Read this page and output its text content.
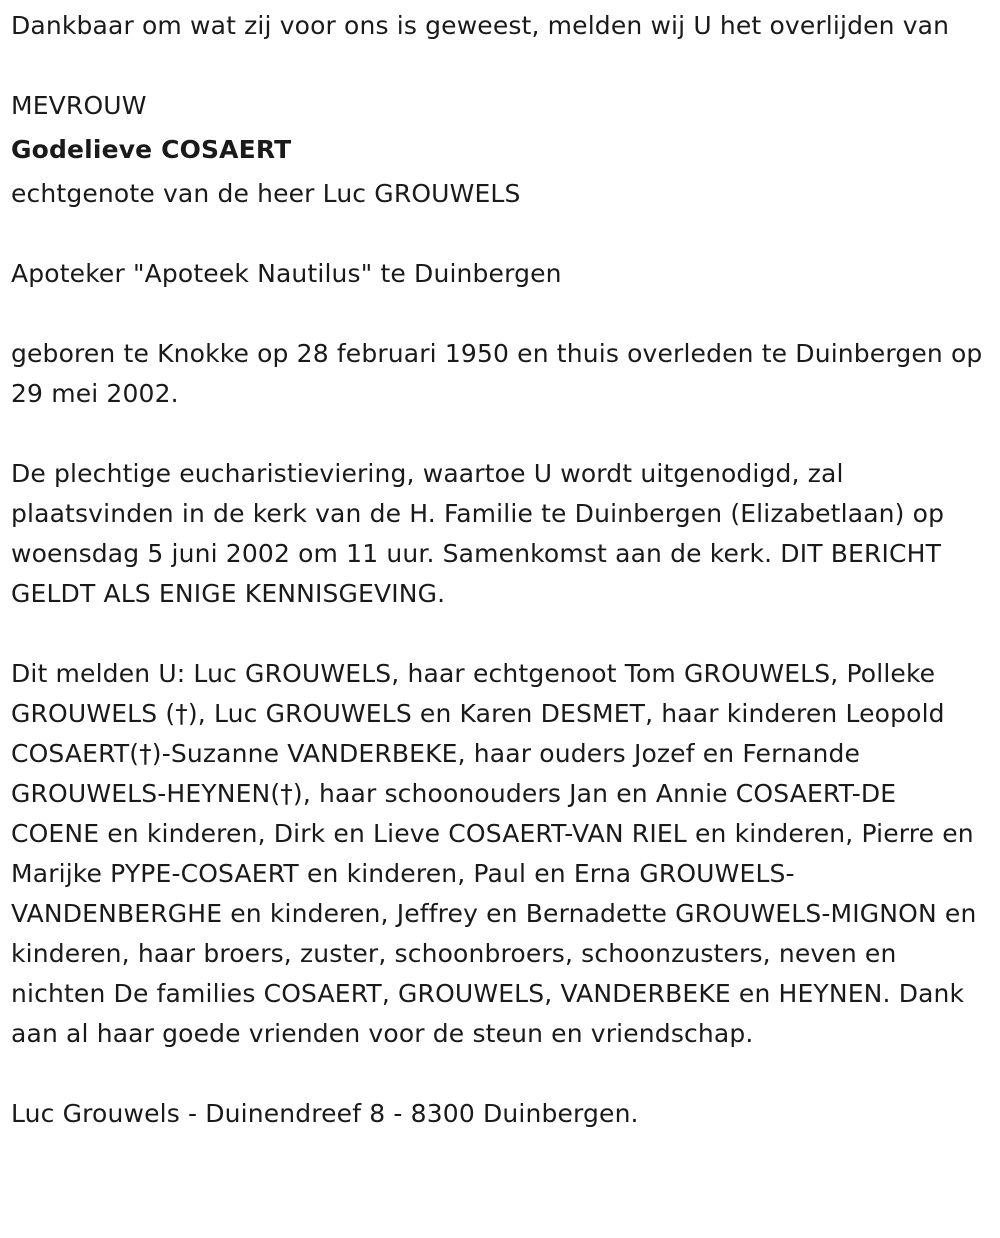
Dankbaar om wat zij voor ons is geweest, melden wij U het overlijden van

MEVROUW

Godelieve COSAERT

echtgenote van de heer Luc GROUWELS

Apoteker "Apoteek Nautilus" te Duinbergen

geboren te Knokke op 28 februari 1950 en thuis overleden te Duinbergen op 29 mei 2002.

De plechtige eucharistieviering, waartoe U wordt uitgenodigd, zal plaatsvinden in de kerk van de H. Familie te Duinbergen (Elizabetlaan) op woensdag 5 juni 2002 om 11 uur. Samenkomst aan de kerk. DIT BERICHT GELDT ALS ENIGE KENNISGEVING.

Dit melden U: Luc GROUWELS, haar echtgenoot Tom GROUWELS, Polleke GROUWELS (†), Luc GROUWELS en Karen DESMET, haar kinderen Leopold COSAERT(†)-Suzanne VANDERBEKE, haar ouders Jozef en Fernande GROUWELS-HEYNEN(†), haar schoonouders Jan en Annie COSAERT-DE COENE en kinderen, Dirk en Lieve COSAERT-VAN RIEL en kinderen, Pierre en Marijke PYPE-COSAERT en kinderen, Paul en Erna GROUWELS-VANDENBERGHE en kinderen, Jeffrey en Bernadette GROUWELS-MIGNON en kinderen, haar broers, zuster, schoonbroers, schoonzusters, neven en nichten De families COSAERT, GROUWELS, VANDERBEKE en HEYNEN. Dank aan al haar goede vrienden voor de steun en vriendschap.

Luc Grouwels - Duinendreef 8 - 8300 Duinbergen.
